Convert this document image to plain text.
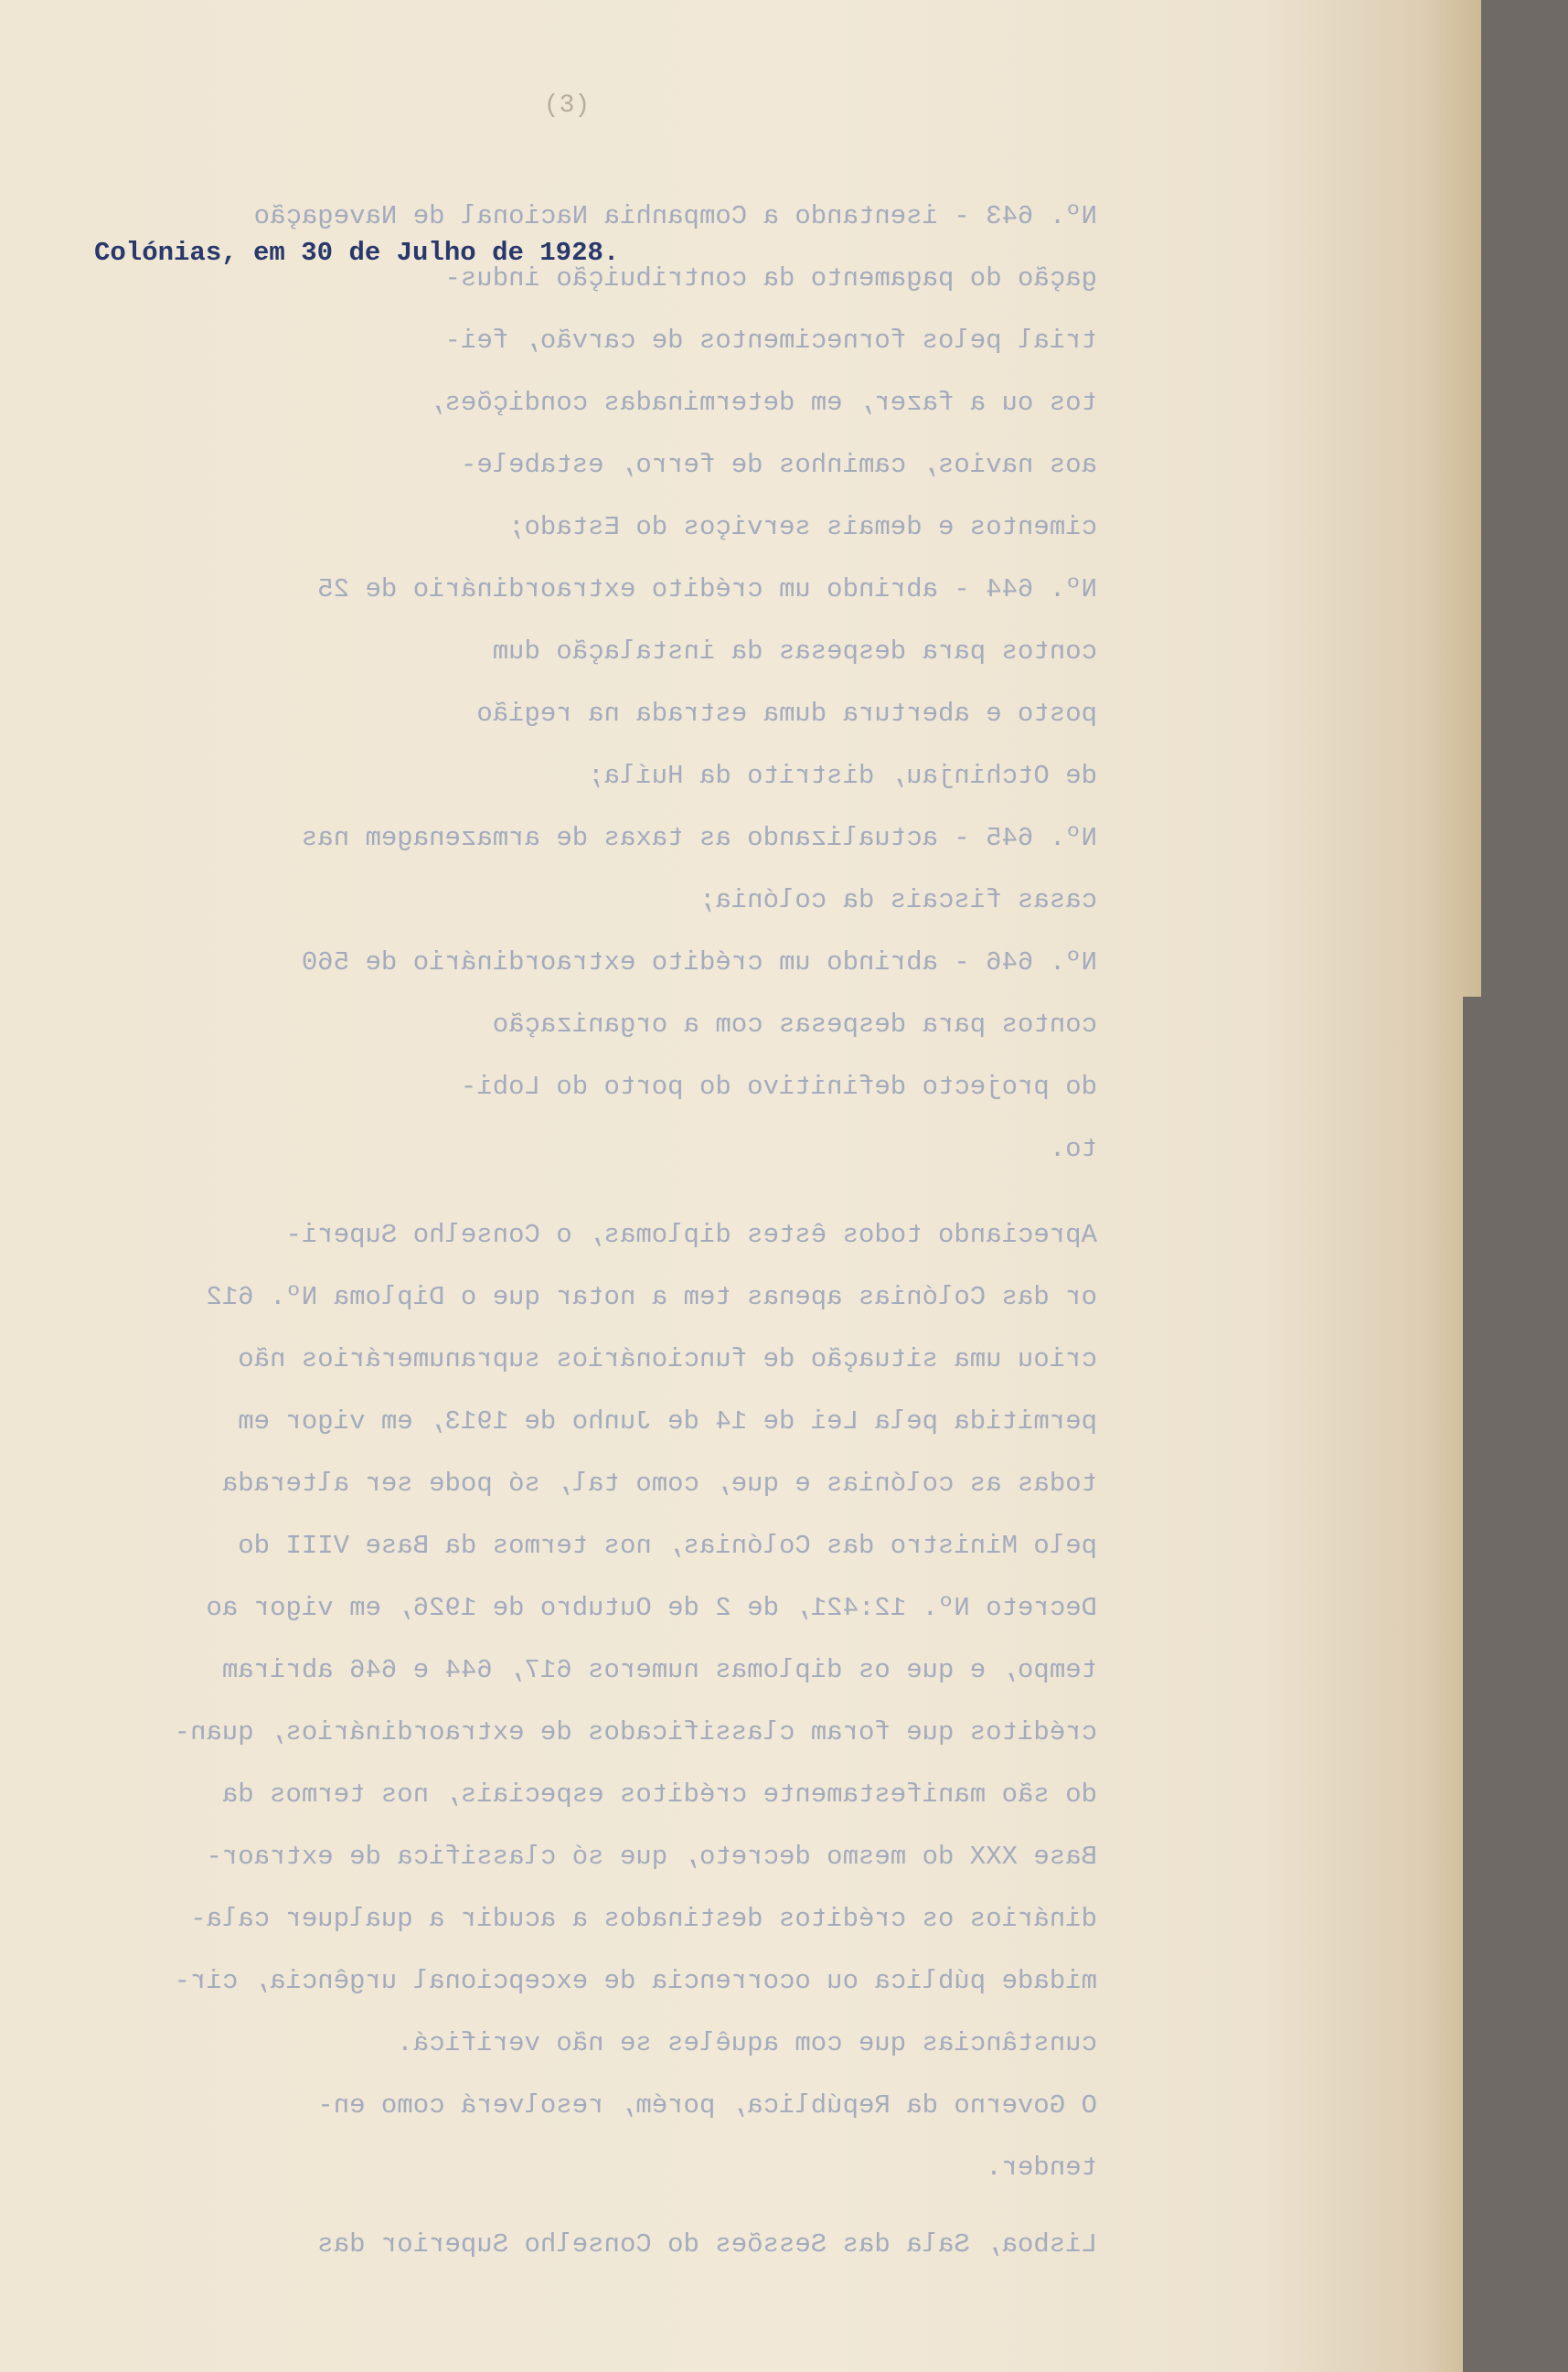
(3)
Nº. 643 - isentando a Companhia Nacional de Navegação
gação do pagamento da contribuição indus-
trial pelos fornecimentos de carvão, fei-
tos ou a fazer, em determinadas condições,
aos navios, caminhos de ferro, estabele-
cimentos e demais serviços do Estado;
Nº. 644 - abrindo um crédito extraordinário de 25
contos para despesas da instalação dum
posto e abertura duma estrada na região
de Otchinjau, distrito da Huíla;
Nº. 645 - actualizando as taxas de armazenagem nas
casas fiscais da colónia;
Nº. 646 - abrindo um crédito extraordinário de 560
contos para despesas com a organização
do projecto definitivo do porto do Lobi-
to.
Apreciando todos êstes diplomas, o Conselho Superi-
or das Colónias apenas tem a notar que o Diploma Nº. 612
criou uma situação de funcionários supranumerários não
permitida pela Lei de 14 de Junho de 1913, em vigor em
todas as colónias e que, como tal, só pode ser alterada
pelo Ministro das Colónias, nos termos da Base VIII do
Decreto Nº. 12:421, de 2 de Outubro de 1926, em vigor ao
tempo, e que os diplomas numeros 617, 644 e 646 abriram
créditos que foram classificados de extraordinários, quan-
do são manifestamente créditos especiais, nos termos da
Base XXX do mesmo decreto, que só classifica de extraor-
dinários os créditos destinados a acudir a qualquer cala-
midade pública ou ocorrencia de excepcional urgência, cir-
cunstâncias que com aquêles se não verificá.
O Governo da República, porém, resolverá como en-
tender.
Lisboa, Sala das Sessões do Conselho Superior das
Colónias, em 30 de Julho de 1928.
